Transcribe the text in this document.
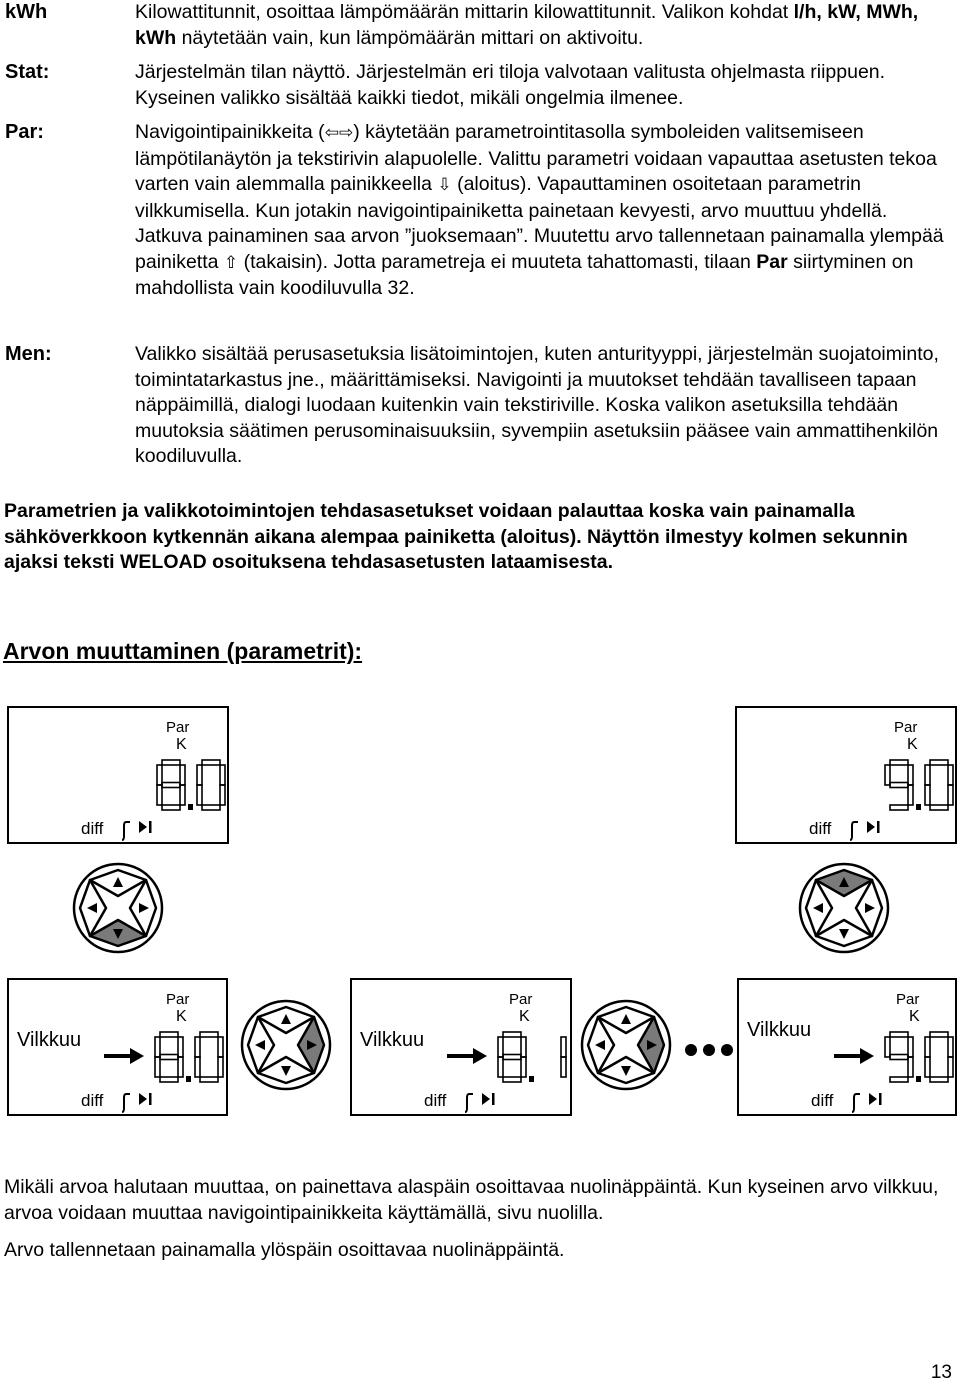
kWh	Kilowattitunnit, osoittaa lämpömäärän mittarin kilowattitunnit. Valikon kohdat l/h, kW, MWh, kWh näytetään vain, kun lämpömäärän mittari on aktivoitu.
Stat:	Järjestelmän tilan näyttö. Järjestelmän eri tiloja valvotaan valitusta ohjelmasta riippuen. Kyseinen valikko sisältää kaikki tiedot, mikäli ongelmia ilmenee.
Par:	Navigointipainikkeita (⇦⇨) käytetään parametrointitasolla symboleiden valitsemiseen lämpötilanäytön ja tekstirivin alapuolelle. Valittu parametri voidaan vapauttaa asetusten tekoa varten vain alemmalla painikkeella ⇩ (aloitus). Vapauttaminen osoitetaan parametrin vilkkumisella. Kun jotakin navigointipainiketta painetaan kevyesti, arvo muuttuu yhdellä. Jatkuva painaminen saa arvon ”juoksemaan”. Muutettu arvo tallennetaan painamalla ylempää painiketta ⇧ (takaisin). Jotta parametreja ei muuteta tahattomasti, tilaan Par siirtyminen on mahdollista vain koodiluvulla 32.
Men:	Valikko sisältää perusasetuksia lisätoimintojen, kuten anturityyppi, järjestelmän suojatoiminto, toimintatarkastus jne., määrittämiseksi. Navigointi ja muutokset tehdään tavalliseen tapaan näppäimillä, dialogi luodaan kuitenkin vain tekstiriville. Koska valikon asetuksilla tehdään muutoksia säätimen perusominaisuuksiin, syvempiin asetuksiin pääsee vain ammattihenkilön koodiluvulla.
Parametrien ja valikkotoimintojen tehdasasetukset voidaan palauttaa koska vain painamalla sähköverkkoon kytkennän aikana alempaa painiketta (aloitus). Näyttön ilmestyy kolmen sekunnin ajaksi teksti WELOAD osoituksena tehdasasetusten lataamisesta.
Arvon muuttaminen (parametrit):
Par
K
diff
Par
K
diff
Par
K
Vilkkuu
diff
Par
K
Vilkkuu
diff
Par
K
Vilkkuu
diff
Mikäli arvoa halutaan muuttaa, on painettava alaspäin osoittavaa nuolinäppäintä. Kun kyseinen arvo vilkkuu, arvoa voidaan muuttaa navigointipainikkeita käyttämällä, sivu nuolilla.
Arvo tallennetaan painamalla ylöspäin osoittavaa nuolinäppäintä.
13
